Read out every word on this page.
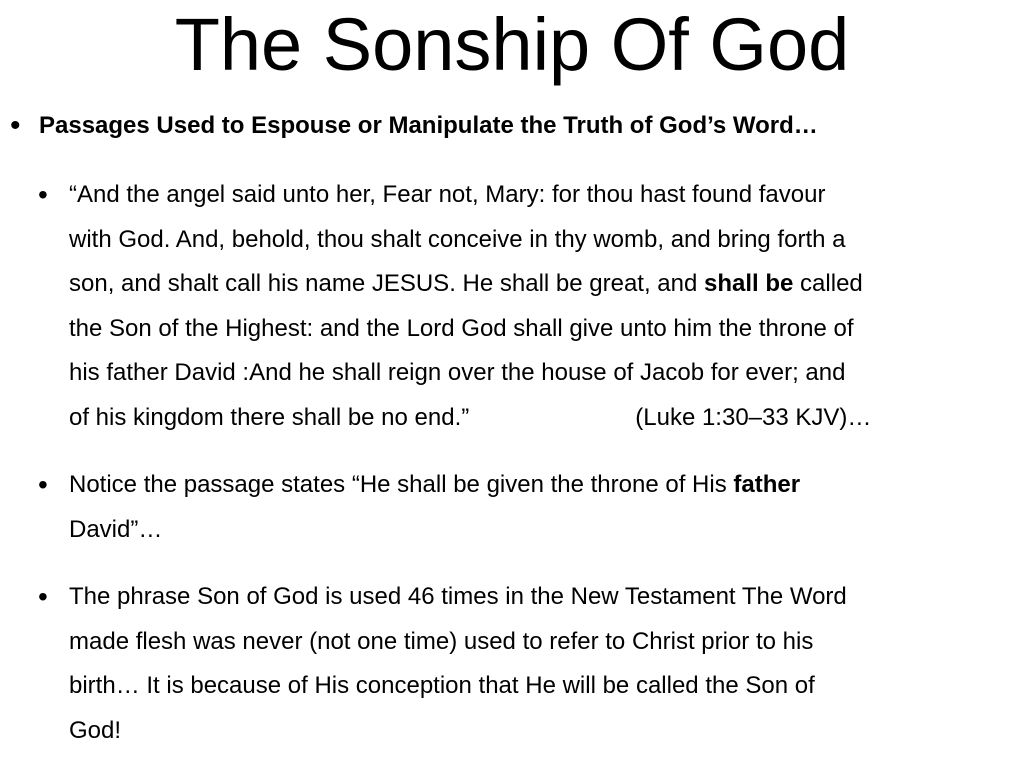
The Sonship Of God
• Passages Used to Espouse or Manipulate the Truth of God’s Word…
• “And the angel said unto her, Fear not, Mary: for thou hast found favour
with God. And, behold, thou shalt conceive in thy womb, and bring forth a
son, and shalt call his name JESUS. He shall be great, and shall be called
the Son of the Highest: and the Lord God shall give unto him the throne of
his father David :And he shall reign over the house of Jacob for ever; and
of his kingdom there shall be no end.”	(Luke 1:30–33 KJV)…
• Notice the passage states “He shall be given the throne of His father
David”…
• The phrase Son of God is used 46 times in the New Testament The Word
made flesh was never (not one time) used to refer to Christ prior to his
birth… It is because of His conception that He will be called the Son of
God!
